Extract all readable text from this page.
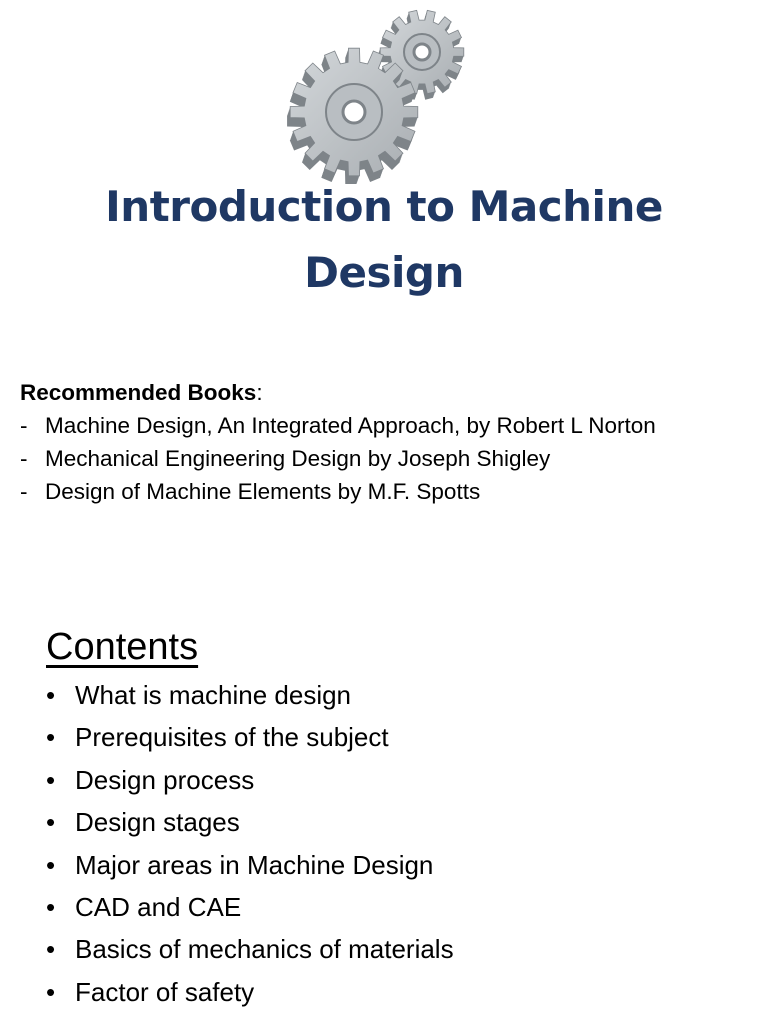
Introduction to Machine
Design
Recommended Books:
- Machine Design, An Integrated Approach, by Robert L Norton
- Mechanical Engineering Design by Joseph Shigley
- Design of Machine Elements by M.F. Spotts
Contents
• What is machine design
• Prerequisites of the subject
• Design process
• Design stages
• Major areas in Machine Design
• CAD and CAE
• Basics of mechanics of materials
• Factor of safety
